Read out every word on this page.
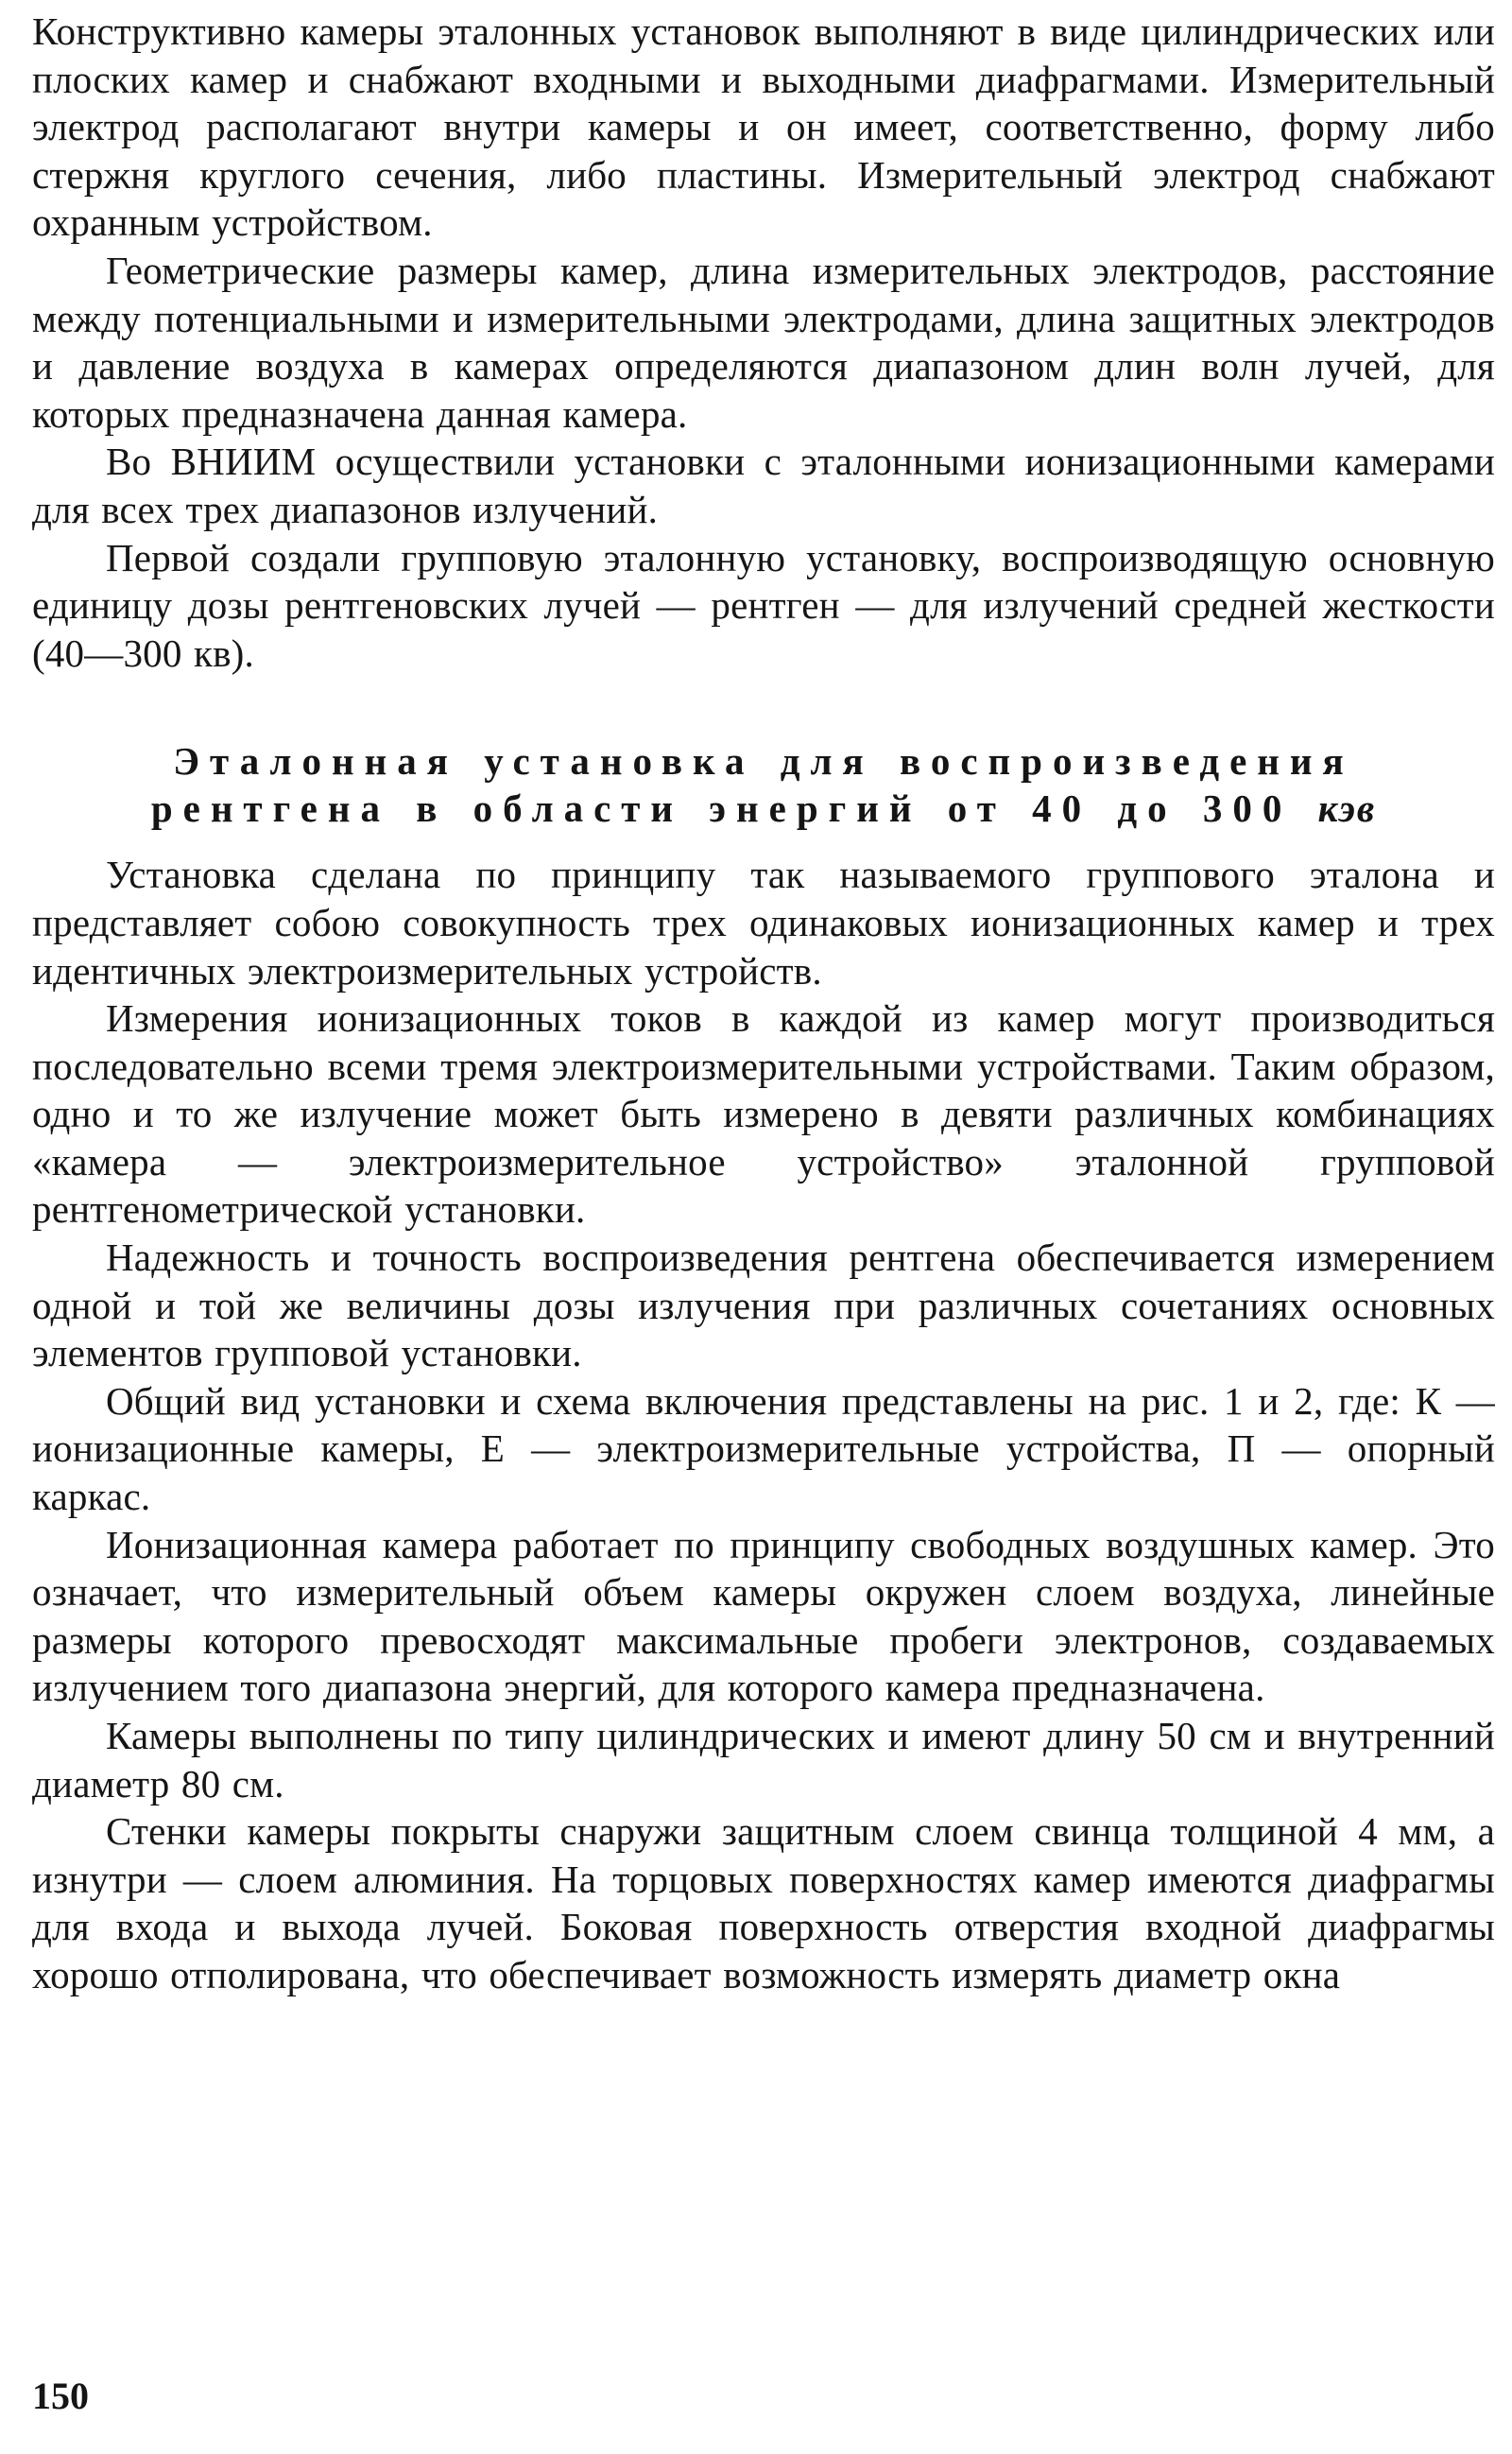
Конструктивно камеры эталонных установок выполняют в виде цилиндрических или плоских камер и снабжают входными и выходными диафрагмами. Измерительный электрод располагают внутри камеры и он имеет, соответственно, форму либо стержня круглого сечения, либо пластины. Измерительный электрод снабжают охранным устройством.

Геометрические размеры камер, длина измерительных электродов, расстояние между потенциальными и измерительными электродами, длина защитных электродов и давление воздуха в камерах определяются диапазоном длин волн лучей, для которых предназначена данная камера.

Во ВНИИМ осуществили установки с эталонными ионизационными камерами для всех трех диапазонов излучений.

Первой создали групповую эталонную установку, воспроизводящую основную единицу дозы рентгеновских лучей — рентген — для излучений средней жесткости (40—300 кв).

Эталонная установка для воспроизведения
рентгена в области энергий от 40 до 300 кэв

Установка сделана по принципу так называемого группового эталона и представляет собою совокупность трех одинаковых ионизационных камер и трех идентичных электроизмерительных устройств.

Измерения ионизационных токов в каждой из камер могут производиться последовательно всеми тремя электроизмерительными устройствами. Таким образом, одно и то же излучение может быть измерено в девяти различных комбинациях «камера — электроизмерительное устройство» эталонной групповой рентгенометрической установки.

Надежность и точность воспроизведения рентгена обеспечивается измерением одной и той же величины дозы излучения при различных сочетаниях основных элементов групповой установки.

Общий вид установки и схема включения представлены на рис. 1 и 2, где: К — ионизационные камеры, Е — электроизмерительные устройства, П — опорный каркас.

Ионизационная камера работает по принципу свободных воздушных камер. Это означает, что измерительный объем камеры окружен слоем воздуха, линейные размеры которого превосходят максимальные пробеги электронов, создаваемых излучением того диапазона энергий, для которого камера предназначена.

Камеры выполнены по типу цилиндрических и имеют длину 50 см и внутренний диаметр 80 см.

Стенки камеры покрыты снаружи защитным слоем свинца толщиной 4 мм, а изнутри — слоем алюминия. На торцовых поверхностях камер имеются диафрагмы для входа и выхода лучей. Боковая поверхность отверстия входной диафрагмы хорошо отполирована, что обеспечивает возможность измерять диаметр окна

150
